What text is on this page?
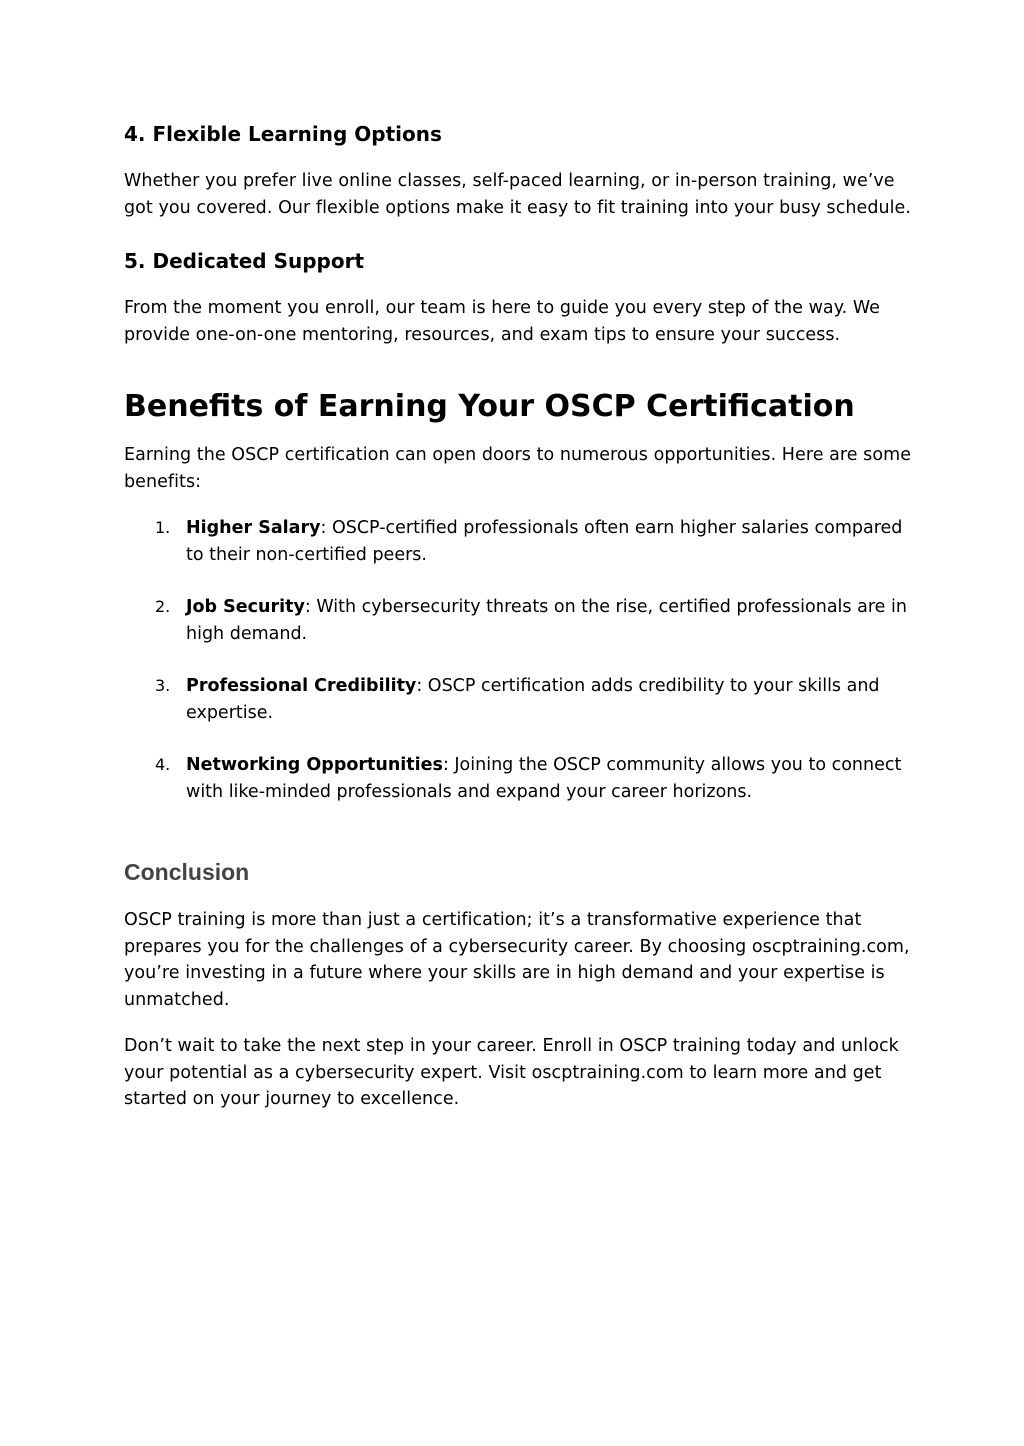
4. Flexible Learning Options

Whether you prefer live online classes, self-paced learning, or in-person training, we’ve got you covered. Our flexible options make it easy to fit training into your busy schedule.

5. Dedicated Support

From the moment you enroll, our team is here to guide you every step of the way. We provide one-on-one mentoring, resources, and exam tips to ensure your success.

Benefits of Earning Your OSCP Certification

Earning the OSCP certification can open doors to numerous opportunities. Here are some benefits:

1. Higher Salary: OSCP-certified professionals often earn higher salaries compared to their non-certified peers.
2. Job Security: With cybersecurity threats on the rise, certified professionals are in high demand.
3. Professional Credibility: OSCP certification adds credibility to your skills and expertise.
4. Networking Opportunities: Joining the OSCP community allows you to connect with like-minded professionals and expand your career horizons.
Conclusion

OSCP training is more than just a certification; it’s a transformative experience that prepares you for the challenges of a cybersecurity career. By choosing oscptraining.com, you’re investing in a future where your skills are in high demand and your expertise is unmatched.

Don’t wait to take the next step in your career. Enroll in OSCP training today and unlock your potential as a cybersecurity expert. Visit oscptraining.com to learn more and get started on your journey to excellence.
